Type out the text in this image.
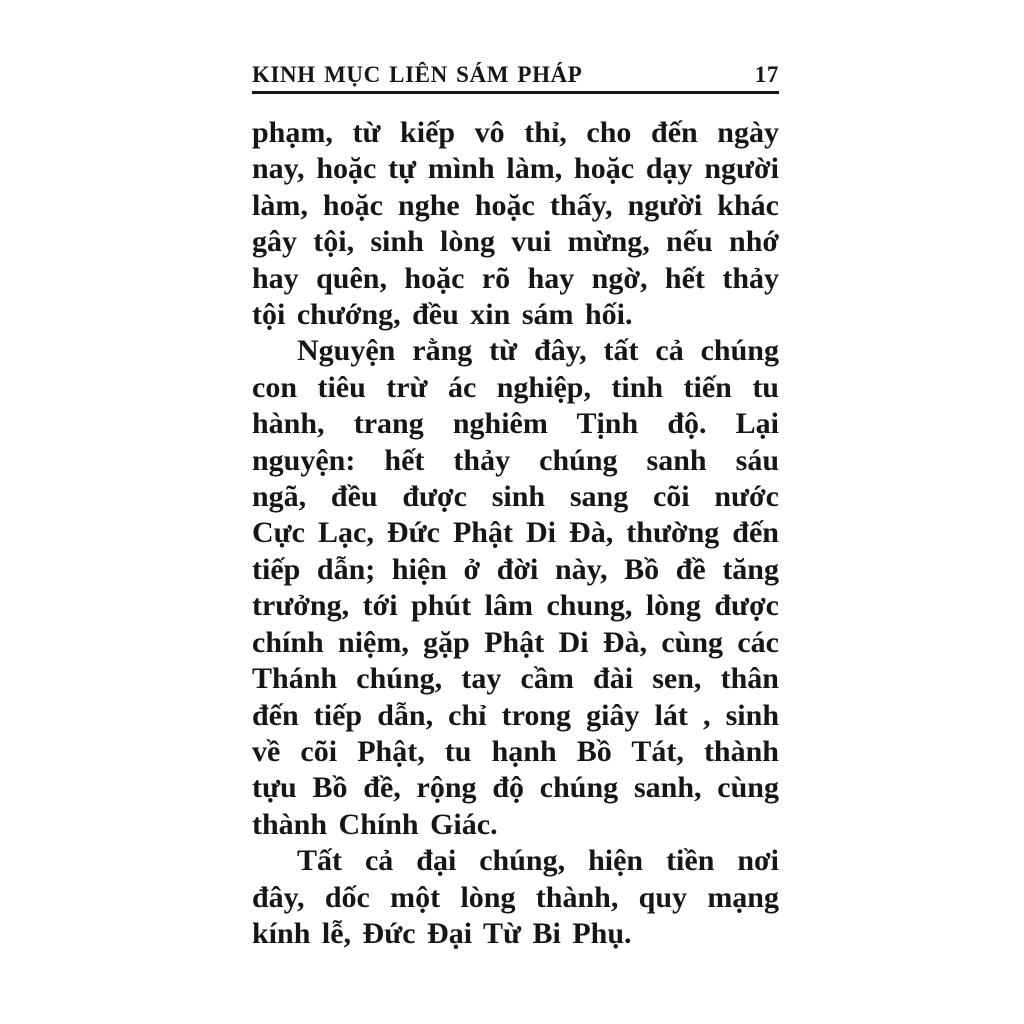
KINH MỤC LIÊN SÁM PHÁP	17
phạm, từ kiếp vô thỉ, cho đến ngày
nay, hoặc tự mình làm, hoặc dạy người
làm, hoặc nghe hoặc thấy, người khác
gây tội, sinh lòng vui mừng, nếu nhớ
hay quên, hoặc rõ hay ngờ, hết thảy
tội chướng, đều xin sám hối.
Nguyện rằng từ đây, tất cả chúng
con tiêu trừ ác nghiệp, tinh tiến tu
hành, trang nghiêm Tịnh độ. Lại
nguyện: hết thảy chúng sanh sáu
ngã, đều được sinh sang cõi nước
Cực Lạc, Đức Phật Di Đà, thường đến
tiếp dẫn; hiện ở đời này, Bồ đề tăng
trưởng, tới phút lâm chung, lòng được
chính niệm, gặp Phật Di Đà, cùng các
Thánh chúng, tay cầm đài sen, thân
đến tiếp dẫn, chỉ trong giây lát , sinh
về cõi Phật, tu hạnh Bồ Tát, thành
tựu Bồ đề, rộng độ chúng sanh, cùng
thành Chính Giác.
Tất cả đại chúng, hiện tiền nơi
đây, dốc một lòng thành, quy mạng
kính lễ, Đức Đại Từ Bi Phụ.
